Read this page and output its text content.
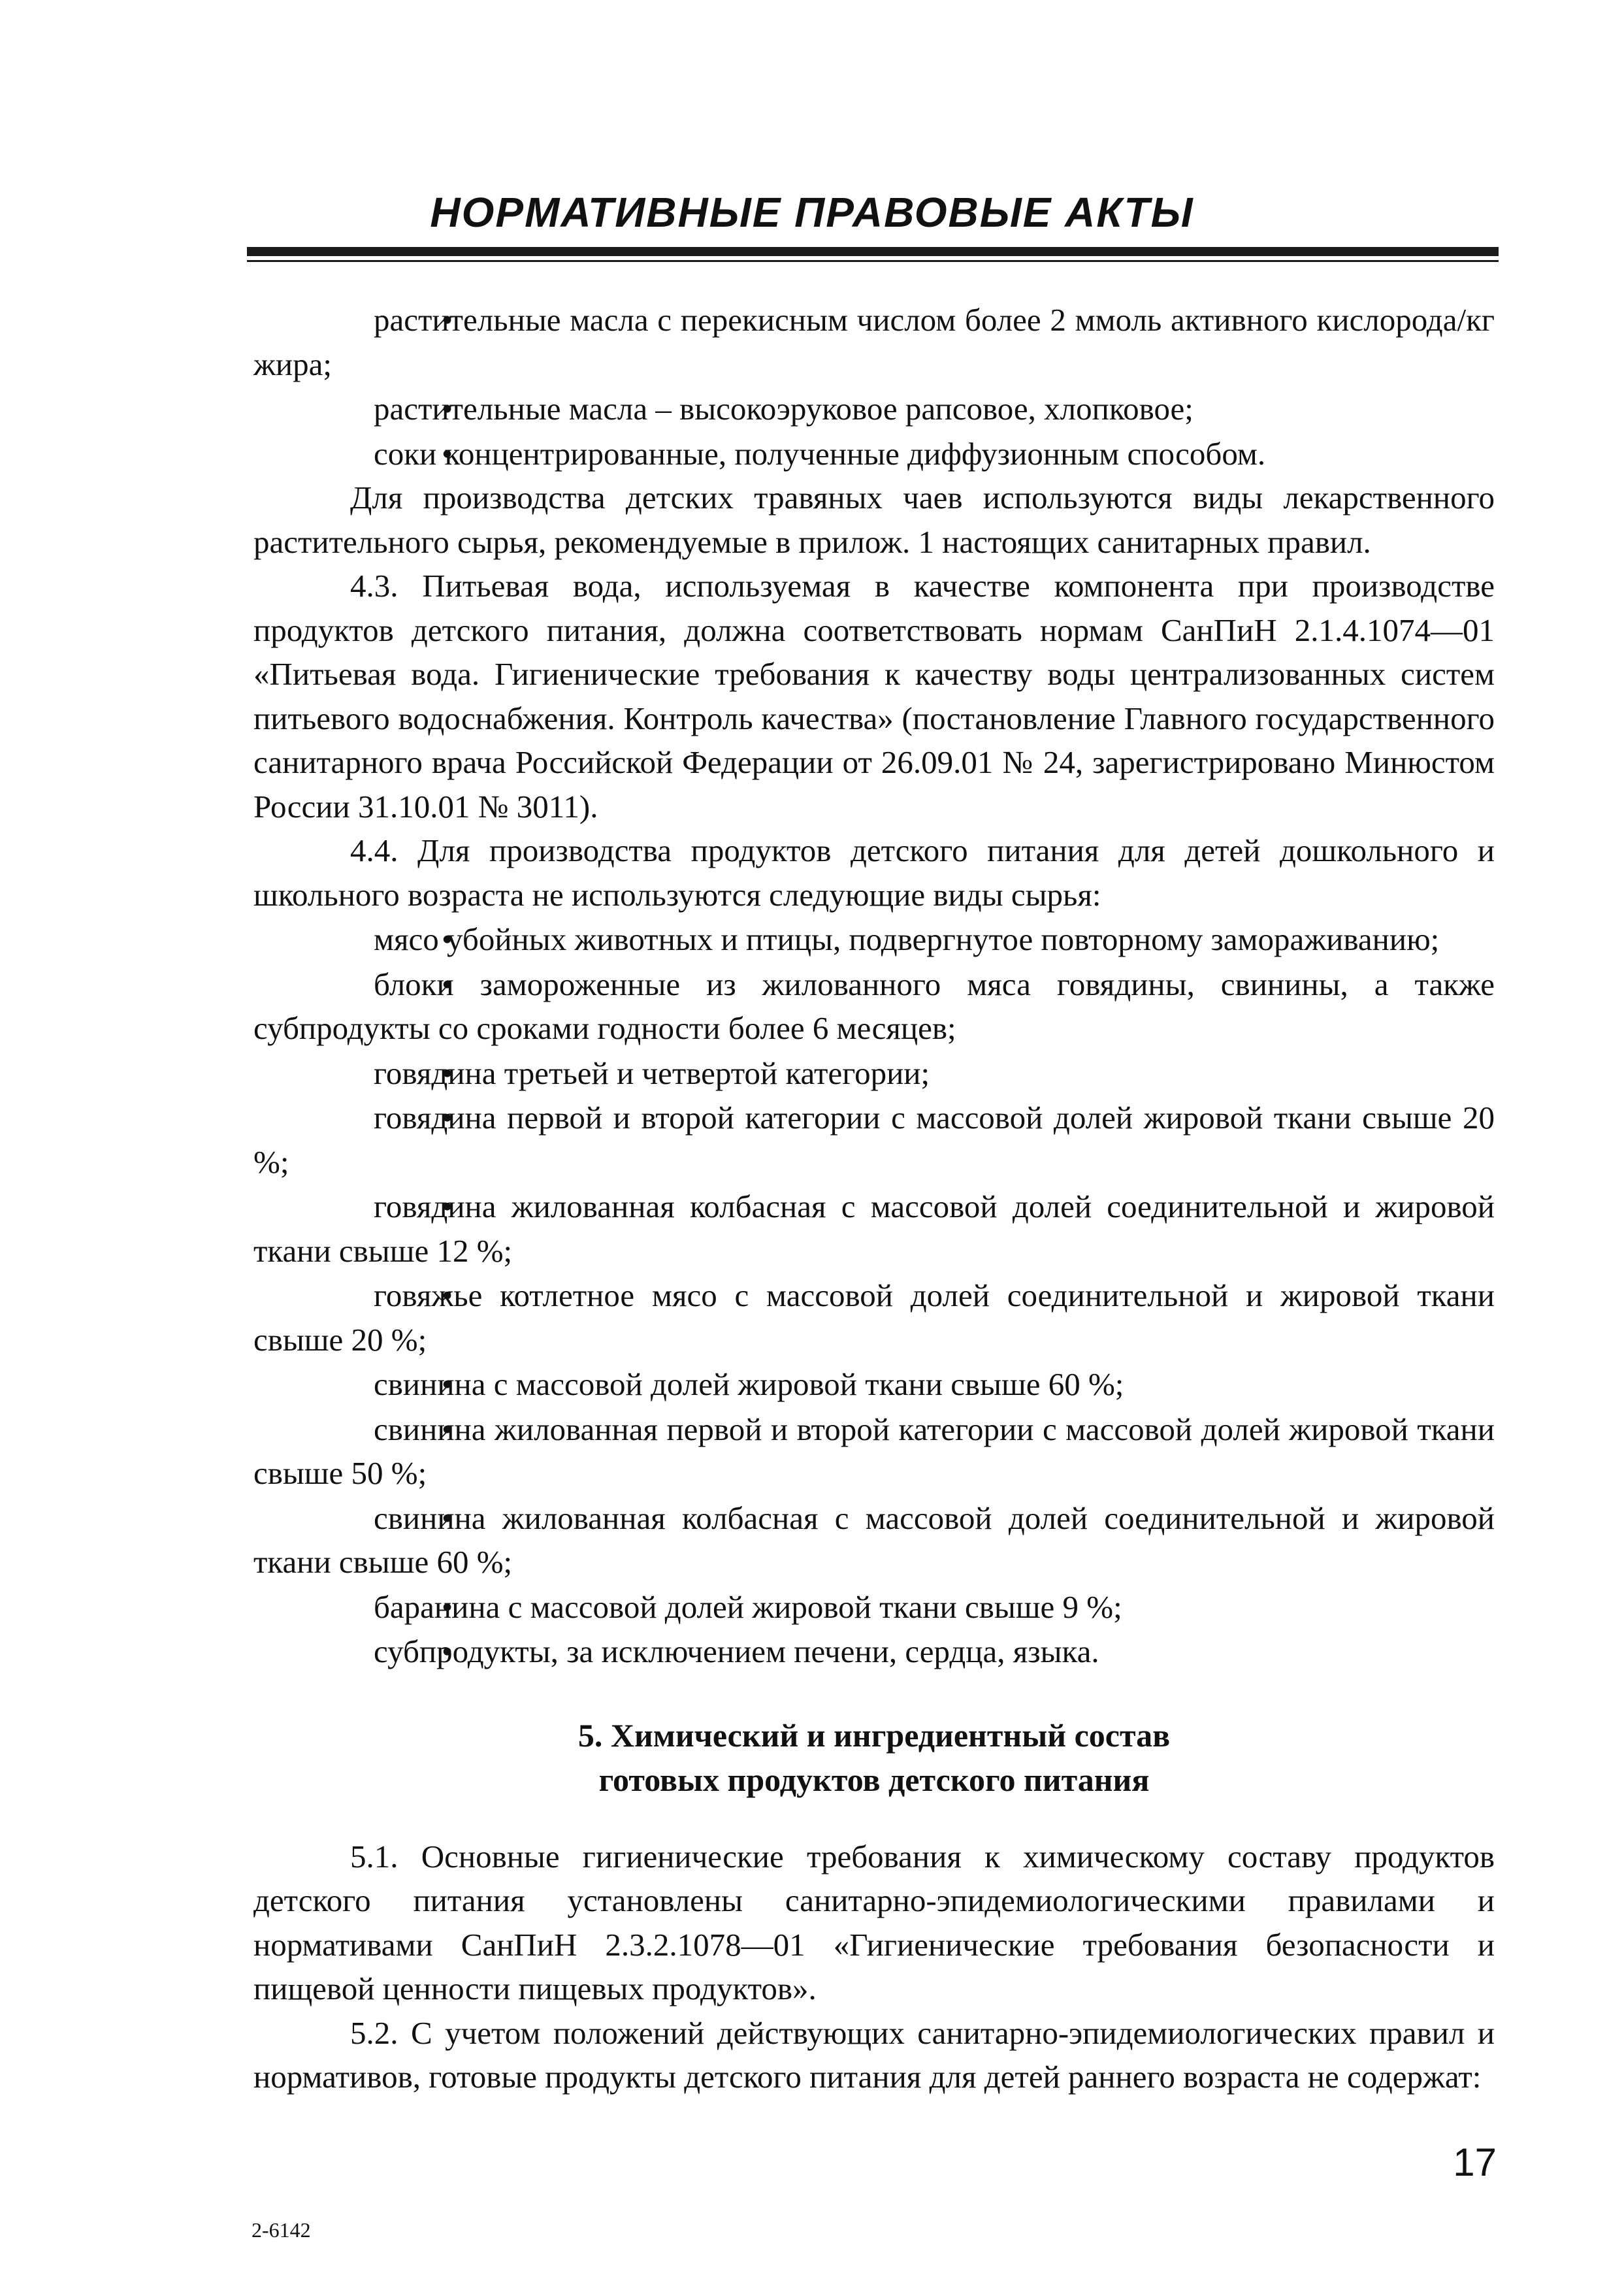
НОРМАТИВНЫЕ ПРАВОВЫЕ АКТЫ

• растительные масла с перекисным числом более 2 ммоль активного кислорода/кг жира;

• растительные масла – высокоэруковое рапсовое, хлопковое;

• соки концентрированные, полученные диффузионным способом.

Для производства детских травяных чаев используются виды лекарственного растительного сырья, рекомендуемые в прилож. 1 настоящих санитарных правил.

4.3. Питьевая вода, используемая в качестве компонента при производстве продуктов детского питания, должна соответствовать нормам СанПиН 2.1.4.1074—01 «Питьевая вода. Гигиенические требования к качеству воды централизованных систем питьевого водоснабжения. Контроль качества» (постановление Главного государственного санитарного врача Российской Федерации от 26.09.01 № 24, зарегистрировано Минюстом России 31.10.01 № 3011).

4.4. Для производства продуктов детского питания для детей дошкольного и школьного возраста не используются следующие виды сырья:

• мясо убойных животных и птицы, подвергнутое повторному замораживанию;

• блоки замороженные из жилованного мяса говядины, свинины, а также субпродукты со сроками годности более 6 месяцев;

• говядина третьей и четвертой категории;

• говядина первой и второй категории с массовой долей жировой ткани свыше 20 %;

• говядина жилованная колбасная с массовой долей соединительной и жировой ткани свыше 12 %;

• говяжье котлетное мясо с массовой долей соединительной и жировой ткани свыше 20 %;

• свинина с массовой долей жировой ткани свыше 60 %;

• свинина жилованная первой и второй категории с массовой долей жировой ткани свыше 50 %;

• свинина жилованная колбасная с массовой долей соединительной и жировой ткани свыше 60 %;

• баранина с массовой долей жировой ткани свыше 9 %;

• субпродукты, за исключением печени, сердца, языка.

5. Химический и ингредиентный состав
готовых продуктов детского питания

5.1. Основные гигиенические требования к химическому составу продуктов детского питания установлены санитарно-эпидемиологическими правилами и нормативами СанПиН 2.3.2.1078—01 «Гигиенические требования безопасности и пищевой ценности пищевых продуктов».

5.2. С учетом положений действующих санитарно-эпидемиологических правил и нормативов, готовые продукты детского питания для детей раннего возраста не содержат:

17
2-6142
